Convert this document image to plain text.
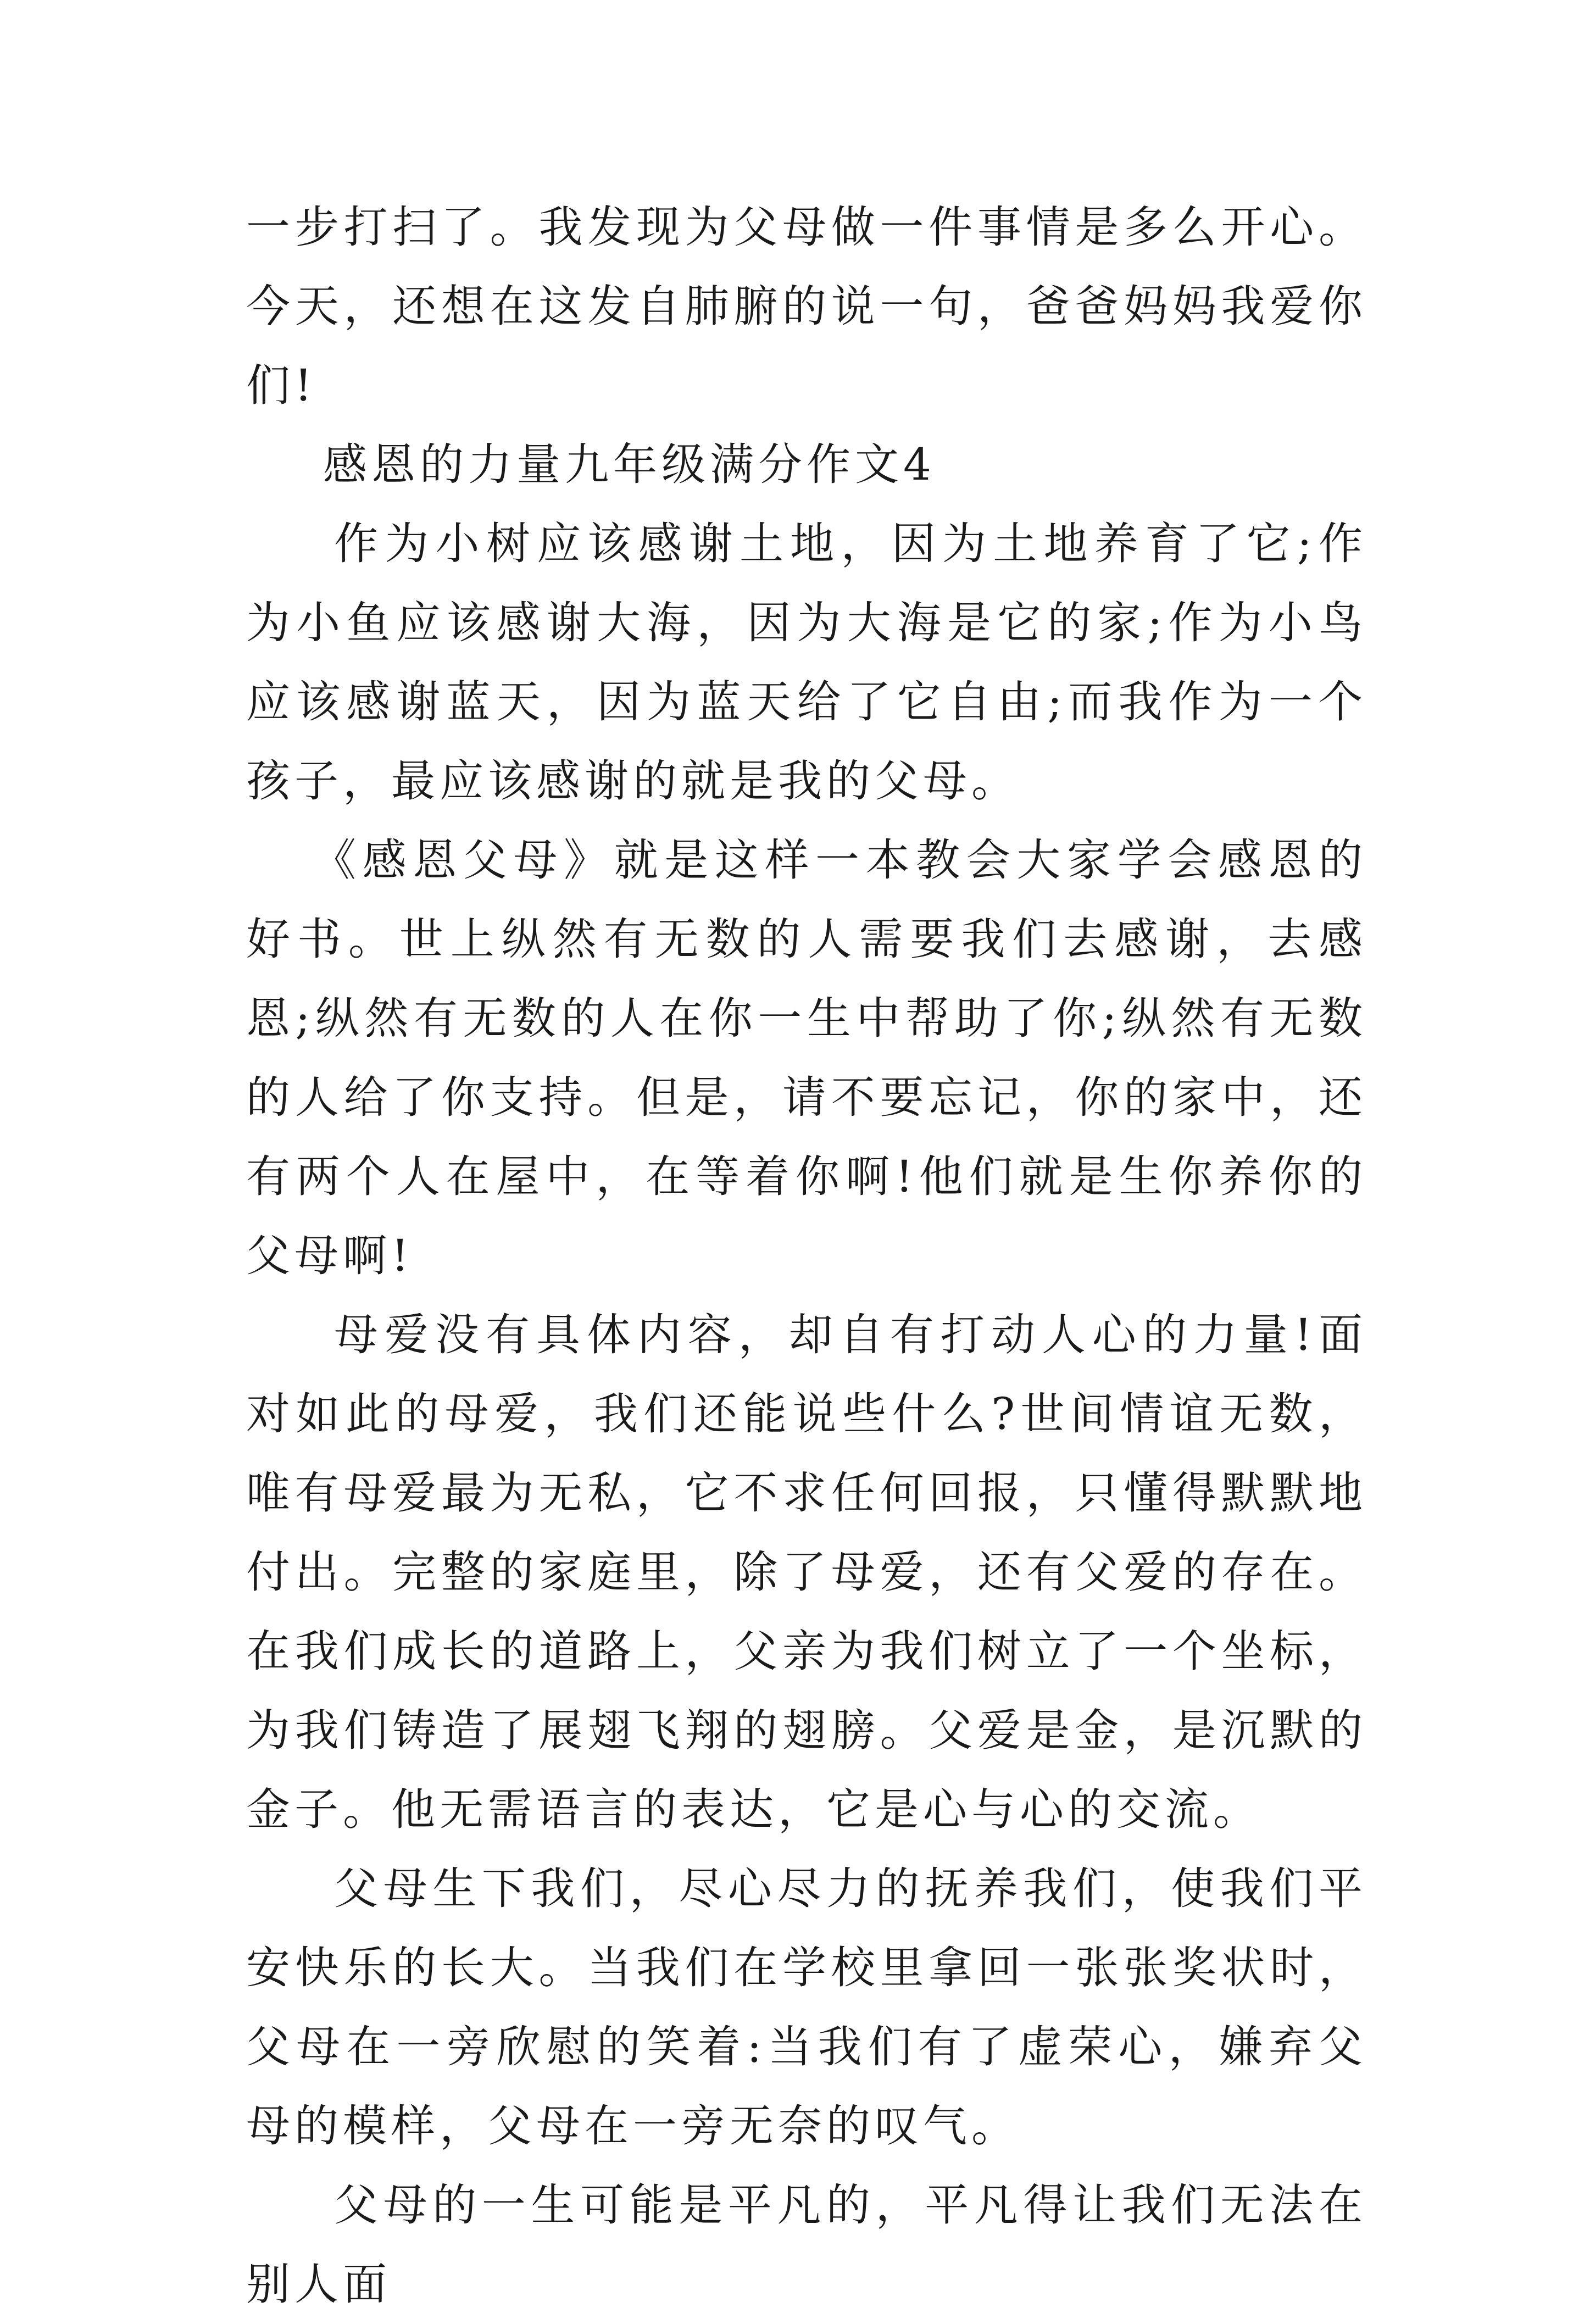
一步打扫了。我发现为父母做一件事情是多么开心。今天，还想在这发自肺腑的说一句，爸爸妈妈我爱你们!

感恩的力量九年级满分作文4

作为小树应该感谢土地，因为土地养育了它;作为小鱼应该感谢大海，因为大海是它的家;作为小鸟应该感谢蓝天，因为蓝天给了它自由;而我作为一个孩子，最应该感谢的就是我的父母。

《感恩父母》就是这样一本教会大家学会感恩的好书。世上纵然有无数的人需要我们去感谢，去感恩;纵然有无数的人在你一生中帮助了你;纵然有无数的人给了你支持。但是，请不要忘记，你的家中，还有两个人在屋中，在等着你啊!他们就是生你养你的父母啊!

母爱没有具体内容，却自有打动人心的力量!面对如此的母爱，我们还能说些什么?世间情谊无数，唯有母爱最为无私，它不求任何回报，只懂得默默地付出。完整的家庭里，除了母爱，还有父爱的存在。在我们成长的道路上，父亲为我们树立了一个坐标，为我们铸造了展翅飞翔的翅膀。父爱是金，是沉默的金子。他无需语言的表达，它是心与心的交流。

父母生下我们，尽心尽力的抚养我们，使我们平安快乐的长大。当我们在学校里拿回一张张奖状时，父母在一旁欣慰的笑着:当我们有了虚荣心，嫌弃父母的模样，父母在一旁无奈的叹气。

父母的一生可能是平凡的，平凡得让我们无法在别人面
